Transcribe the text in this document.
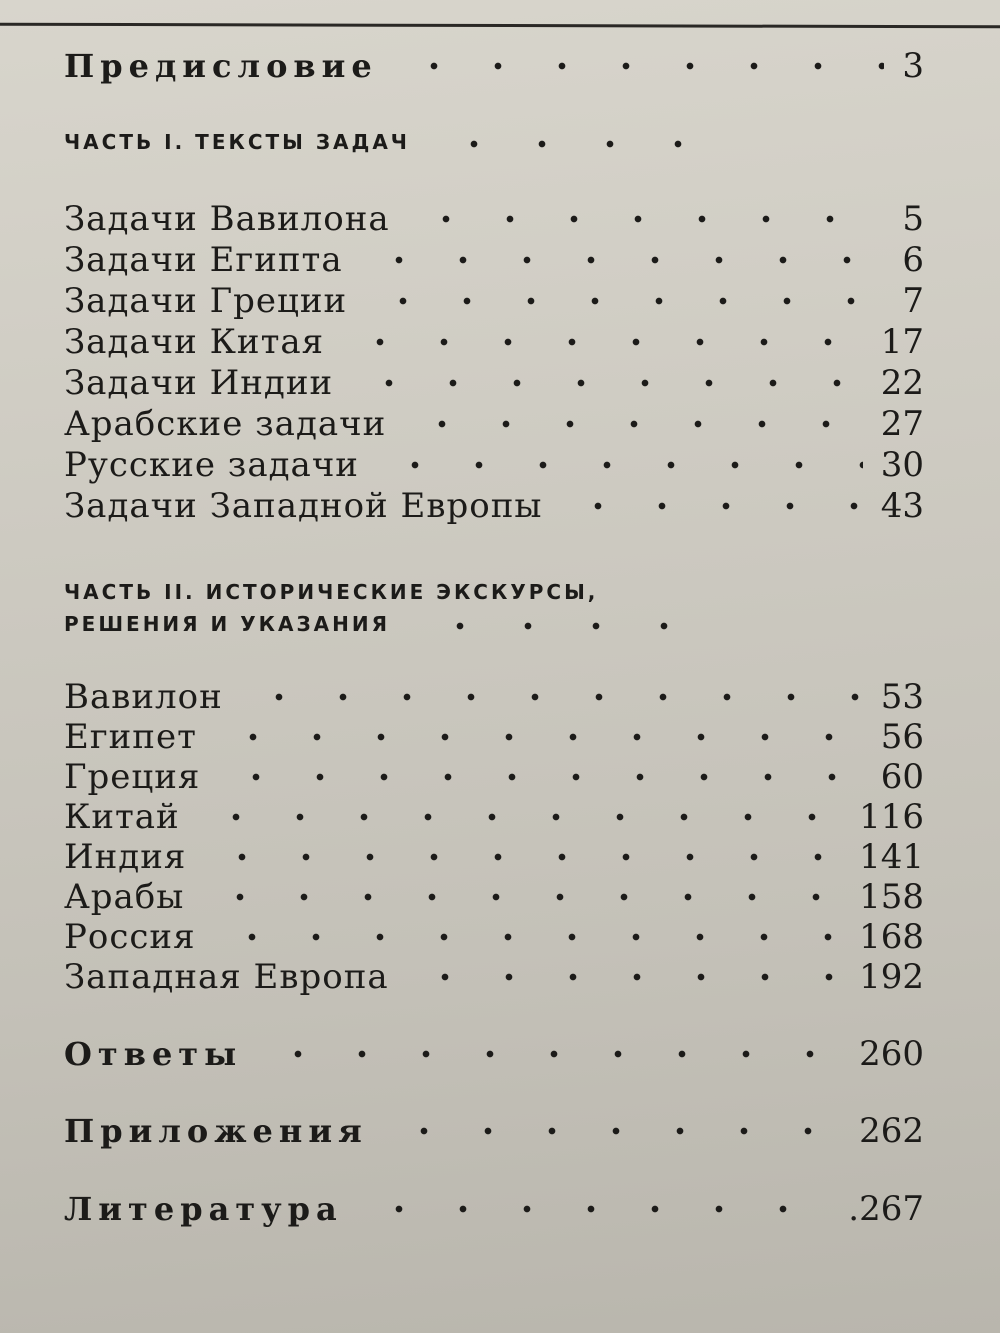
Предисловие	3
ЧАСТЬ I. ТЕКСТЫ ЗАДАЧ
Задачи Вавилона	5
Задачи Египта	6
Задачи Греции	7
Задачи Китая	17
Задачи Индии	22
Арабские задачи	27
Русские задачи	30
Задачи Западной Европы	43
ЧАСТЬ II. ИСТОРИЧЕСКИЕ ЭКСКУРСЫ,
РЕШЕНИЯ И УКАЗАНИЯ
Вавилон	53
Египет	56
Греция	60
Китай	116
Индия	141
Арабы	158
Россия	168
Западная Европа	192
Ответы	260
Приложения	262
Литература	.267
